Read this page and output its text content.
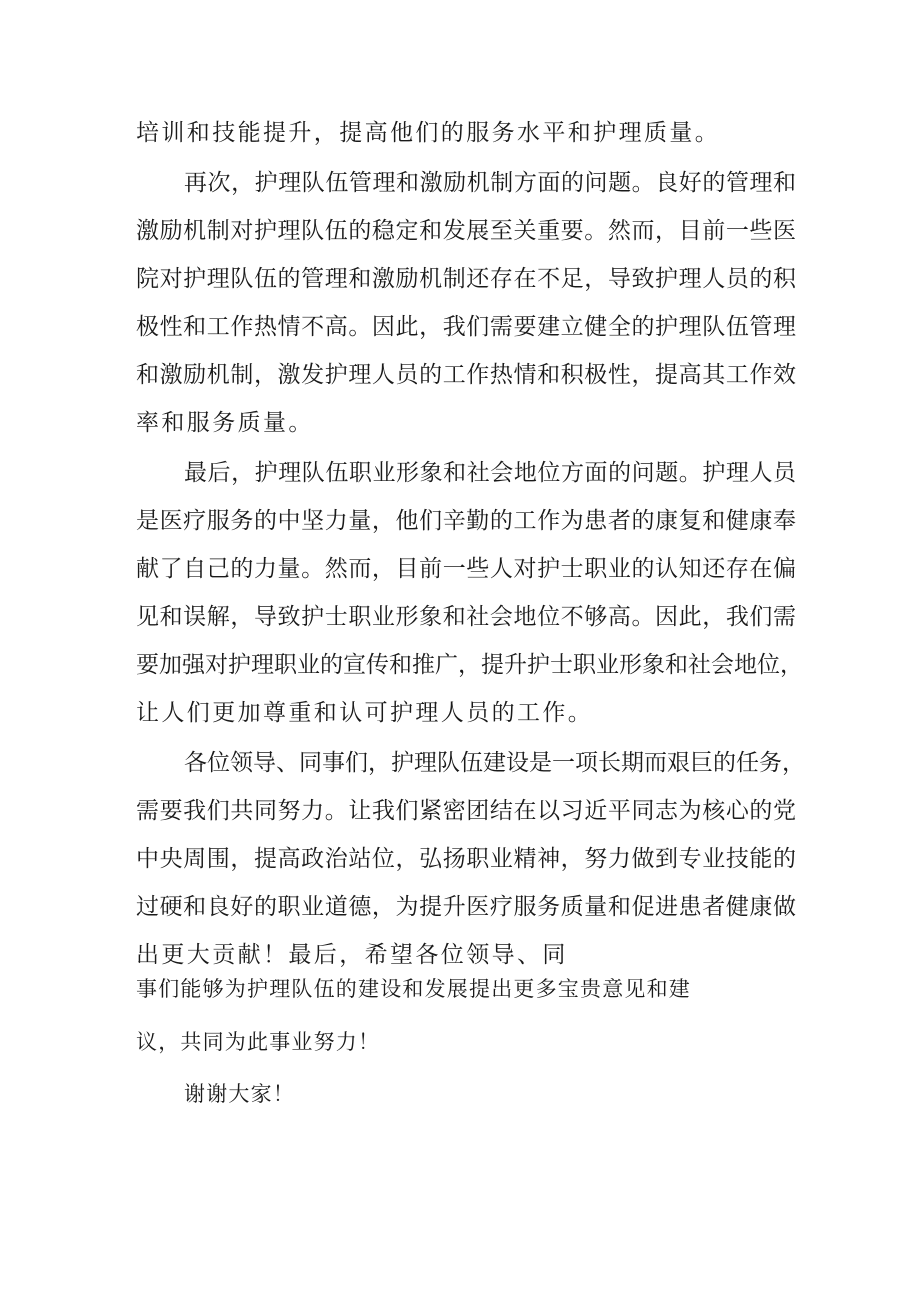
培训和技能提升，提高他们的服务水平和护理质量。
再次，护理队伍管理和激励机制方面的问题。良好的管理和
激励机制对护理队伍的稳定和发展至关重要。然而，目前一些医
院对护理队伍的管理和激励机制还存在不足，导致护理人员的积
极性和工作热情不高。因此，我们需要建立健全的护理队伍管理
和激励机制，激发护理人员的工作热情和积极性，提高其工作效
率和服务质量。
最后，护理队伍职业形象和社会地位方面的问题。护理人员
是医疗服务的中坚力量，他们辛勤的工作为患者的康复和健康奉
献了自己的力量。然而，目前一些人对护士职业的认知还存在偏
见和误解，导致护士职业形象和社会地位不够高。因此，我们需
要加强对护理职业的宣传和推广，提升护士职业形象和社会地位，
让人们更加尊重和认可护理人员的工作。
各位领导、同事们，护理队伍建设是一项长期而艰巨的任务，
需要我们共同努力。让我们紧密团结在以习近平同志为核心的党
中央周围，提高政治站位，弘扬职业精神，努力做到专业技能的
过硬和良好的职业道德，为提升医疗服务质量和促进患者健康做
出更大贡献！最后，希望各位领导、同
事们能够为护理队伍的建设和发展提出更多宝贵意见和建
议，共同为此事业努力！
谢谢大家！
